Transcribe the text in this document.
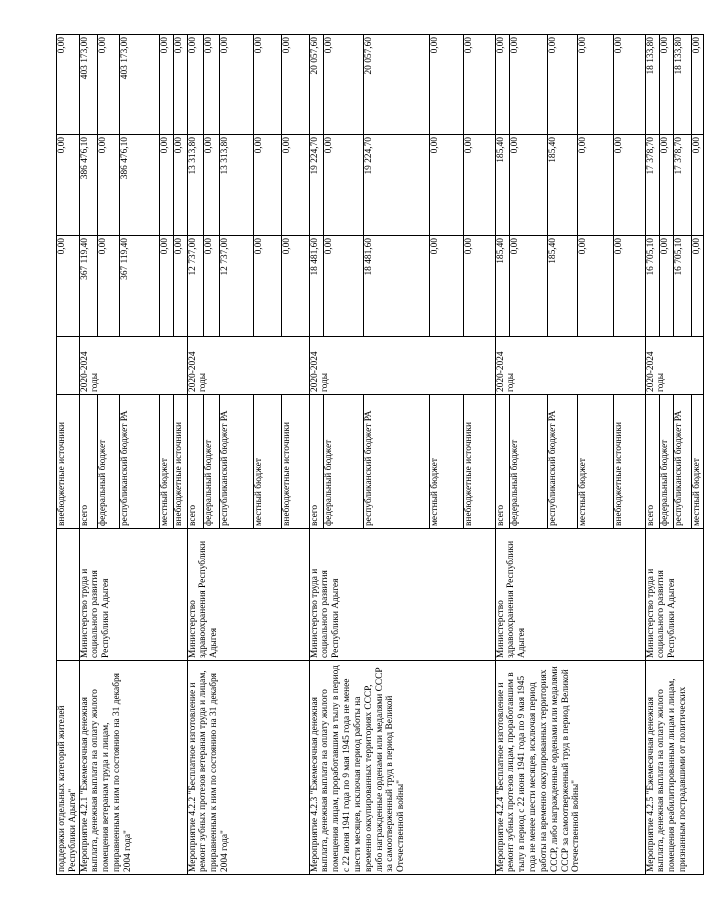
поддержки отдельных категорий жителей Республики Адыгея"		внебюджетные источники		0,00	0,00	0,00
Мероприятие 4.2.1 "Ежемесячная денежная выплата, денежная выплата на оплату жилого помещения ветеранам труда и лицам, приравненным к ним по состоянию на 31 декабря 2004 года"	Министерство труда и социального развития Республики Адыгея	всего	2020-2024 годы	367 119,40	386 476,10	403 173,00
		федеральный бюджет		0,00	0,00	0,00
		республиканский бюджет РА		367 119,40	386 476,10	403 173,00
		местный бюджет		0,00	0,00	0,00
		внебюджетные источники		0,00	0,00	0,00
Мероприятие 4.2.2 "Бесплатное изготовление и ремонт зубных протезов ветеранам труда и лицам, приравненным к ним по состоянию на 31 декабря 2004 года"	Министерство здравоохранения Республики Адыгея	всего	2020-2024 годы	12 737,00	13 313,80	0,00
		федеральный бюджет		0,00	0,00	0,00
		республиканский бюджет РА		12 737,00	13 313,80	0,00
		местный бюджет		0,00	0,00	0,00
		внебюджетные источники		0,00	0,00	0,00
Мероприятие 4.2.3 "Ежемесячная денежная выплата, денежная выплата на оплату жилого помещения лицам, проработавшим в тылу в период с 22 июня 1941 года по 9 мая 1945 года не менее шести месяцев, исключая период работы на временно оккупированных территориях СССР, либо награжденные орденами или медалями СССР за самоотверженный труд в период Великой Отечественной войны"	Министерство труда и социального развития Республики Адыгея	всего	2020-2024 годы	18 481,60	19 224,70	20 057,60
		федеральный бюджет		0,00	0,00	0,00
		республиканский бюджет РА		18 481,60	19 224,70	20 057,60
		местный бюджет		0,00	0,00	0,00
		внебюджетные источники		0,00	0,00	0,00
Мероприятие 4.2.4 "Бесплатное изготовление и ремонт зубных протезов лицам, проработавшим в тылу в период с 22 июня 1941 года по 9 мая 1945 года не менее шести месяцев, исключая период работы на временно оккупированных территориях СССР, либо награжденные орденами или медалями СССР за самоотверженный труд в период Великой Отечественной войны"	Министерство здравоохранения Республики Адыгея	всего	2020-2024 годы	185,40	185,40	0,00
		федеральный бюджет		0,00	0,00	0,00
		республиканский бюджет РА		185,40	185,40	0,00
		местный бюджет		0,00	0,00	0,00
		внебюджетные источники		0,00	0,00	0,00
Мероприятие 4.2.5 "Ежемесячная денежная выплата, денежная выплата на оплату жилого помещения реабилитированным лицам и лицам, признанным пострадавшими от политических	Министерство труда и социального развития Республики Адыгея	всего	2020-2024 годы	16 705,10	17 378,70	18 133,80
		федеральный бюджет		0,00	0,00	0,00
		республиканский бюджет РА		16 705,10	17 378,70	18 133,80
		местный бюджет		0,00	0,00	0,00
